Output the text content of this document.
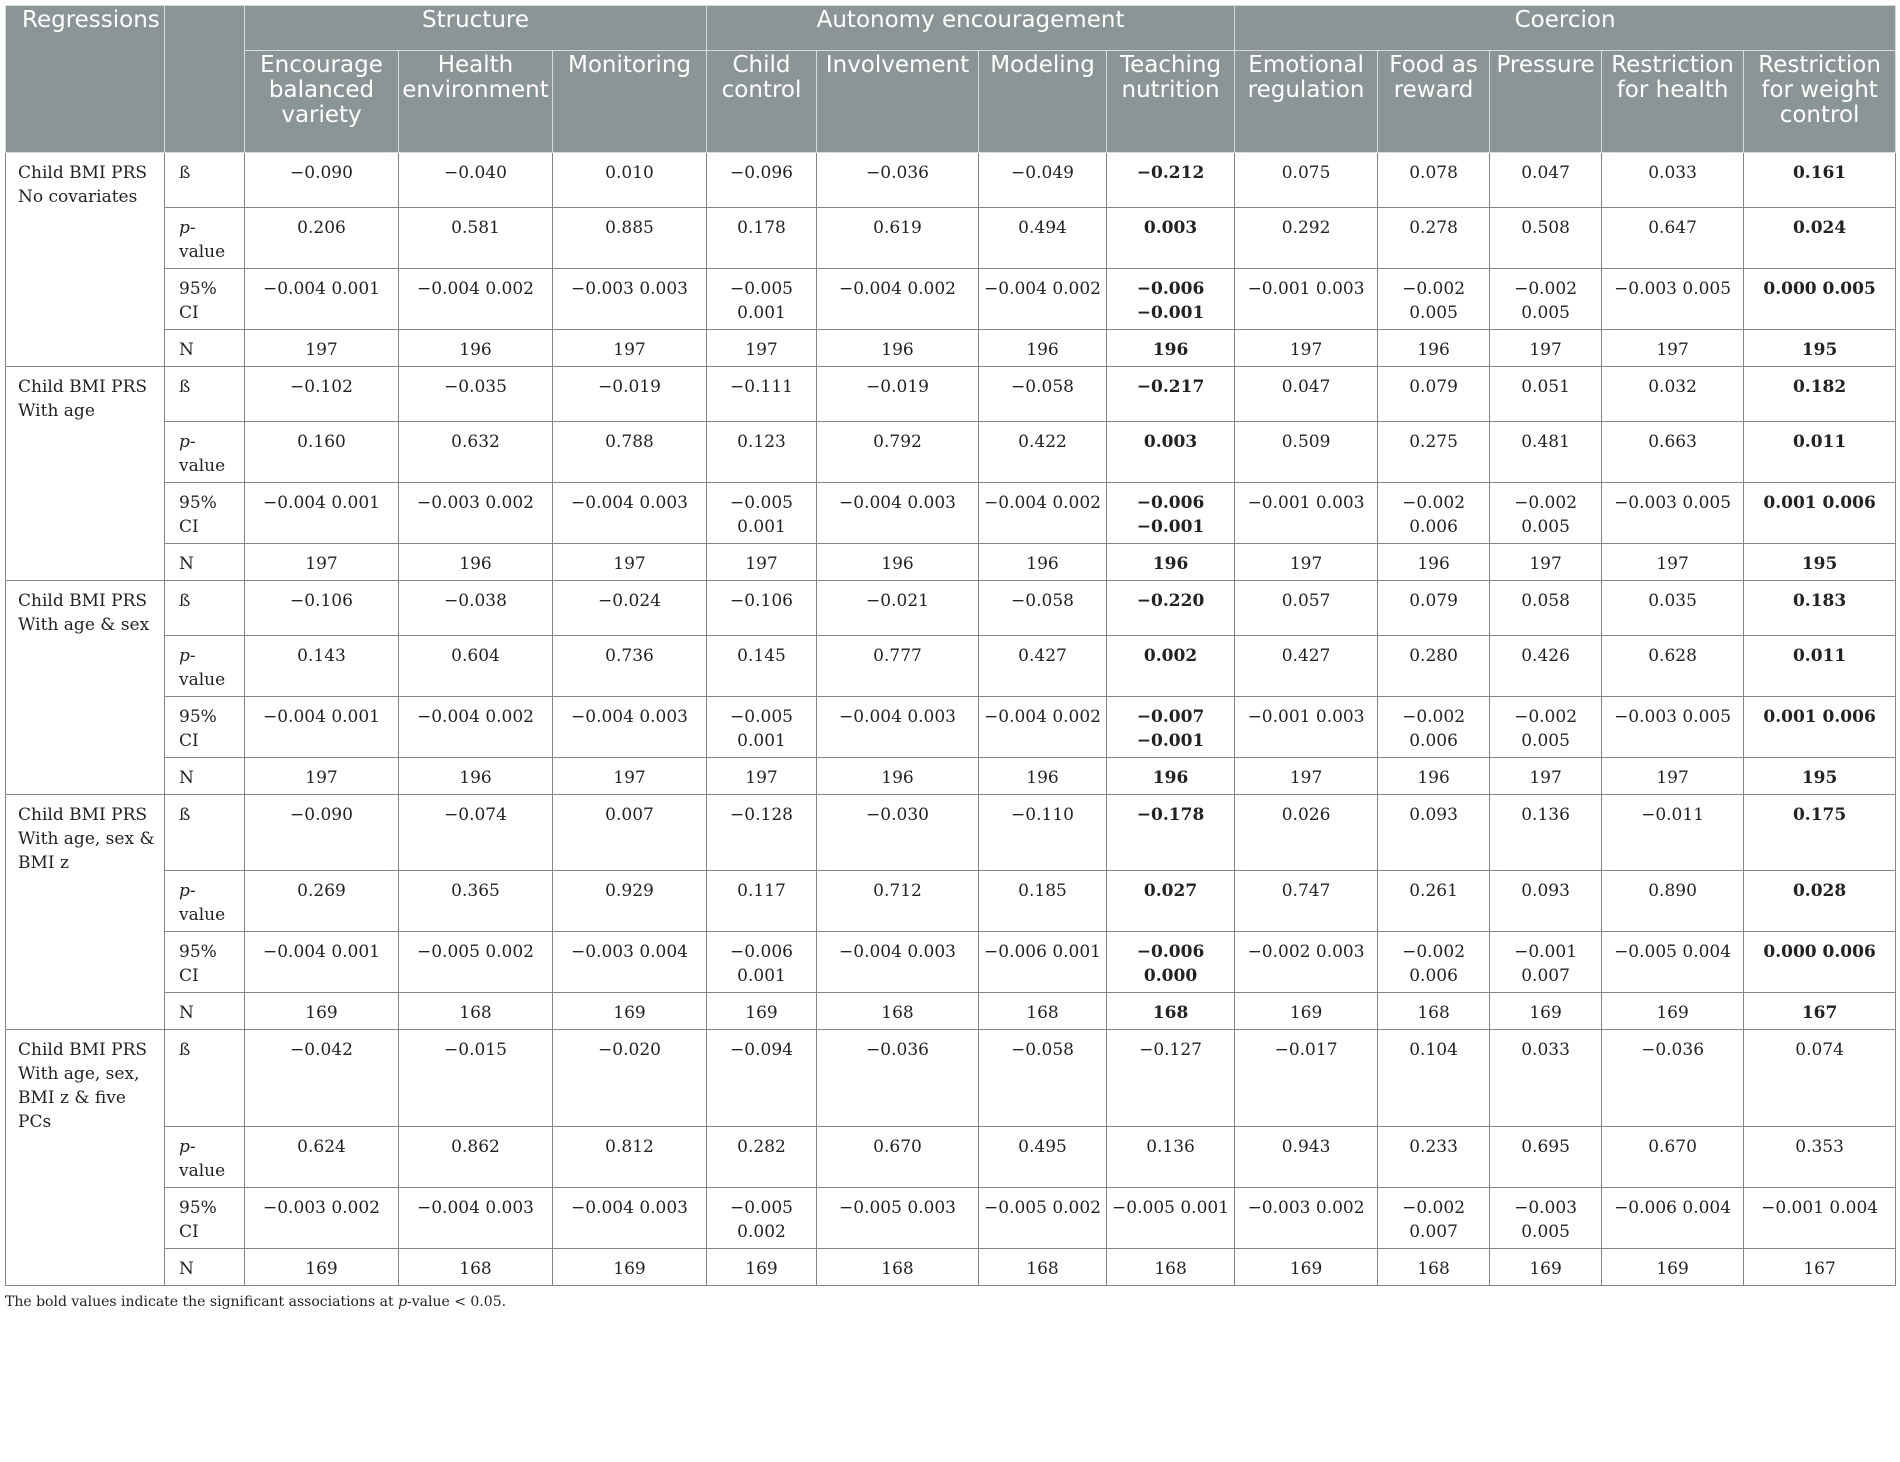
Regressions		Structure			Autonomy encouragement				Coercion				
		Encourage balanced variety	Health environment	Monitoring	Child control	Involvement	Modeling	Teaching nutrition	Emotional regulation	Food as reward	Pressure	Restriction for health	Restriction for weight control
Child BMI PRS No covariates	ß	−0.090	−0.040	0.010	−0.096	−0.036	−0.049	−0.212	0.075	0.078	0.047	0.033	0.161
	p-value	0.206	0.581	0.885	0.178	0.619	0.494	0.003	0.292	0.278	0.508	0.647	0.024
	95% CI	−0.004 0.001	−0.004 0.002	−0.003 0.003	−0.005 0.001	−0.004 0.002	−0.004 0.002	−0.006 −0.001	−0.001 0.003	−0.002 0.005	−0.002 0.005	−0.003 0.005	0.000 0.005
	N	197	196	197	197	196	196	196	197	196	197	197	195
Child BMI PRS With age	ß	−0.102	−0.035	−0.019	−0.111	−0.019	−0.058	−0.217	0.047	0.079	0.051	0.032	0.182
	p-value	0.160	0.632	0.788	0.123	0.792	0.422	0.003	0.509	0.275	0.481	0.663	0.011
	95% CI	−0.004 0.001	−0.003 0.002	−0.004 0.003	−0.005 0.001	−0.004 0.003	−0.004 0.002	−0.006 −0.001	−0.001 0.003	−0.002 0.006	−0.002 0.005	−0.003 0.005	0.001 0.006
	N	197	196	197	197	196	196	196	197	196	197	197	195
Child BMI PRS With age & sex	ß	−0.106	−0.038	−0.024	−0.106	−0.021	−0.058	−0.220	0.057	0.079	0.058	0.035	0.183
	p-value	0.143	0.604	0.736	0.145	0.777	0.427	0.002	0.427	0.280	0.426	0.628	0.011
	95% CI	−0.004 0.001	−0.004 0.002	−0.004 0.003	−0.005 0.001	−0.004 0.003	−0.004 0.002	−0.007 −0.001	−0.001 0.003	−0.002 0.006	−0.002 0.005	−0.003 0.005	0.001 0.006
	N	197	196	197	197	196	196	196	197	196	197	197	195
Child BMI PRS With age, sex & BMI z	ß	−0.090	−0.074	0.007	−0.128	−0.030	−0.110	−0.178	0.026	0.093	0.136	−0.011	0.175
	p-value	0.269	0.365	0.929	0.117	0.712	0.185	0.027	0.747	0.261	0.093	0.890	0.028
	95% CI	−0.004 0.001	−0.005 0.002	−0.003 0.004	−0.006 0.001	−0.004 0.003	−0.006 0.001	−0.006 0.000	−0.002 0.003	−0.002 0.006	−0.001 0.007	−0.005 0.004	0.000 0.006
	N	169	168	169	169	168	168	168	169	168	169	169	167
Child BMI PRS With age, sex, BMI z & five PCs	ß	−0.042	−0.015	−0.020	−0.094	−0.036	−0.058	−0.127	−0.017	0.104	0.033	−0.036	0.074
	p-value	0.624	0.862	0.812	0.282	0.670	0.495	0.136	0.943	0.233	0.695	0.670	0.353
	95% CI	−0.003 0.002	−0.004 0.003	−0.004 0.003	−0.005 0.002	−0.005 0.003	−0.005 0.002	−0.005 0.001	−0.003 0.002	−0.002 0.007	−0.003 0.005	−0.006 0.004	−0.001 0.004
	N	169	168	169	169	168	168	168	169	168	169	169	167
The bold values indicate the significant associations at p-value < 0.05.
